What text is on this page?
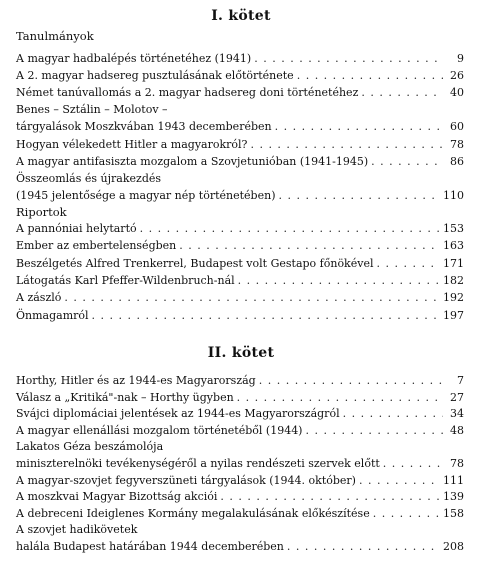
I. kötet
Tanulmányok
A magyar hadbalépés történetéhez (1941) . . .	9
A 2. magyar hadsereg pusztulásának előtörténete . . .	26
Német tanúvallomás a 2. magyar hadsereg doni történetéhez . . .	40
Benes – Sztálin – Molotov –
tárgyalások Moszkvában 1943 decemberében . . .	60
Hogyan vélekedett Hitler a magyarokról? . . .	78
A magyar antifasiszta mozgalom a Szovjetunióban (1941-1945) . . .	86
Összeomlás és újrakezdés
(1945 jelentősége a magyar nép történetében) . . .	110
Riportok
A pannóniai helytartó . . .	153
Ember az embertelenségben . . .	163
Beszélgetés Alfred Trenkerrel, Budapest volt Gestapo főnökével . . .	171
Látogatás Karl Pfeffer-Wildenbruch-nál . . .	182
A zászló . . .	192
Önmagamról . . .	197
II. kötet
Horthy, Hitler és az 1944-es Magyarország . . .	7
Válasz a „Kritiká"-nak – Horthy ügyben . . .	27
Svájci diplomáciai jelentések az 1944-es Magyarországról . . .	34
A magyar ellenállási mozgalom történetéből (1944) . . .	48
Lakatos Géza beszámolója
miniszterelnöki tevékenységéről a nyilas rendészeti szervek előtt . . .	78
A magyar-szovjet fegyverszüneti tárgyalások (1944. október) . . .	111
A moszkvai Magyar Bizottság akciói . . .	139
A debreceni Ideiglenes Kormány megalakulásának előkészítése . . .	158
A szovjet hadikövetek
halála Budapest határában 1944 decemberében . . .	208
